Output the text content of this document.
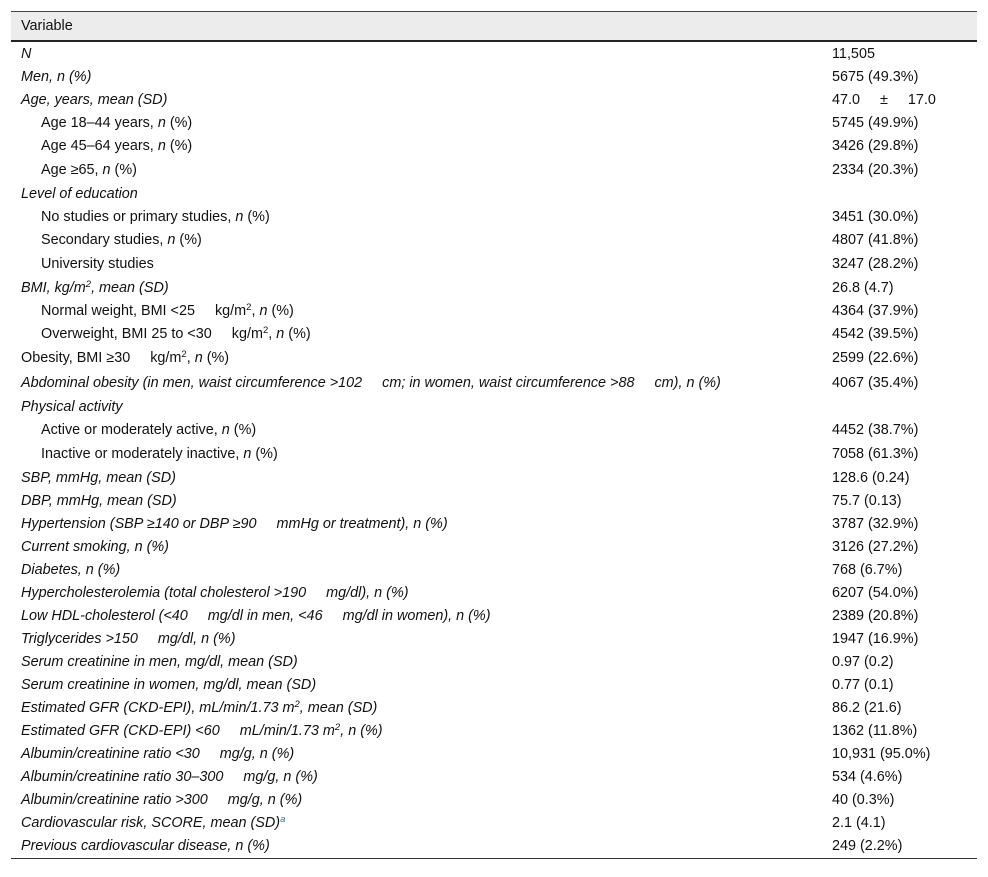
Variable
N	11,505
Men, n (%)	5675 (49.3%)
Age, years, mean (SD)	47.0 ± 17.0
Age 18–44 years, n (%)	5745 (49.9%)
Age 45–64 years, n (%)	3426 (29.8%)
Age ≥65, n (%)	2334 (20.3%)
Level of education
No studies or primary studies, n (%)	3451 (30.0%)
Secondary studies, n (%)	4807 (41.8%)
University studies	3247 (28.2%)
BMI, $kg/m^2$, mean (SD)	26.8 (4.7)
Normal weight, BMI <25 $kg/m^2$, n (%)	4364 (37.9%)
Overweight, BMI 25 to <30 $kg/m^2$, n (%)	4542 (39.5%)
Obesity, BMI ≥30 $kg/m^2$, n (%)	2599 (22.6%)
Abdominal obesity (in men, waist circumference >102 cm; in women, waist circumference >88 cm), n (%)	4067 (35.4%)
Physical activity
Active or moderately active, n (%)	4452 (38.7%)
Inactive or moderately inactive, n (%)	7058 (61.3%)
SBP, mmHg, mean (SD)	128.6 (0.24)
DBP, mmHg, mean (SD)	75.7 (0.13)
Hypertension (SBP ≥140 or DBP ≥90 mmHg or treatment), n (%)	3787 (32.9%)
Current smoking, n (%)	3126 (27.2%)
Diabetes, n (%)	768 (6.7%)
Hypercholesterolemia (total cholesterol >190 mg/dl), n (%)	6207 (54.0%)
Low HDL-cholesterol (<40 mg/dl in men, <46 mg/dl in women), n (%)	2389 (20.8%)
Triglycerides >150 mg/dl, n (%)	1947 (16.9%)
Serum creatinine in men, mg/dl, mean (SD)	0.97 (0.2)
Serum creatinine in women, mg/dl, mean (SD)	0.77 (0.1)
Estimated GFR (CKD-EPI), mL/min/1.73 $m^2$, mean (SD)	86.2 (21.6)
Estimated GFR (CKD-EPI) <60 mL/min/1.73 $m^2$, n (%)	1362 (11.8%)
Albumin/creatinine ratio <30 mg/g, n (%)	10,931 (95.0%)
Albumin/creatinine ratio 30–300 mg/g, n (%)	534 (4.6%)
Albumin/creatinine ratio >300 mg/g, n (%)	40 (0.3%)
Cardiovascular risk, SCORE, mean (SD)$^a$	2.1 (4.1)
Previous cardiovascular disease, n (%)	249 (2.2%)
